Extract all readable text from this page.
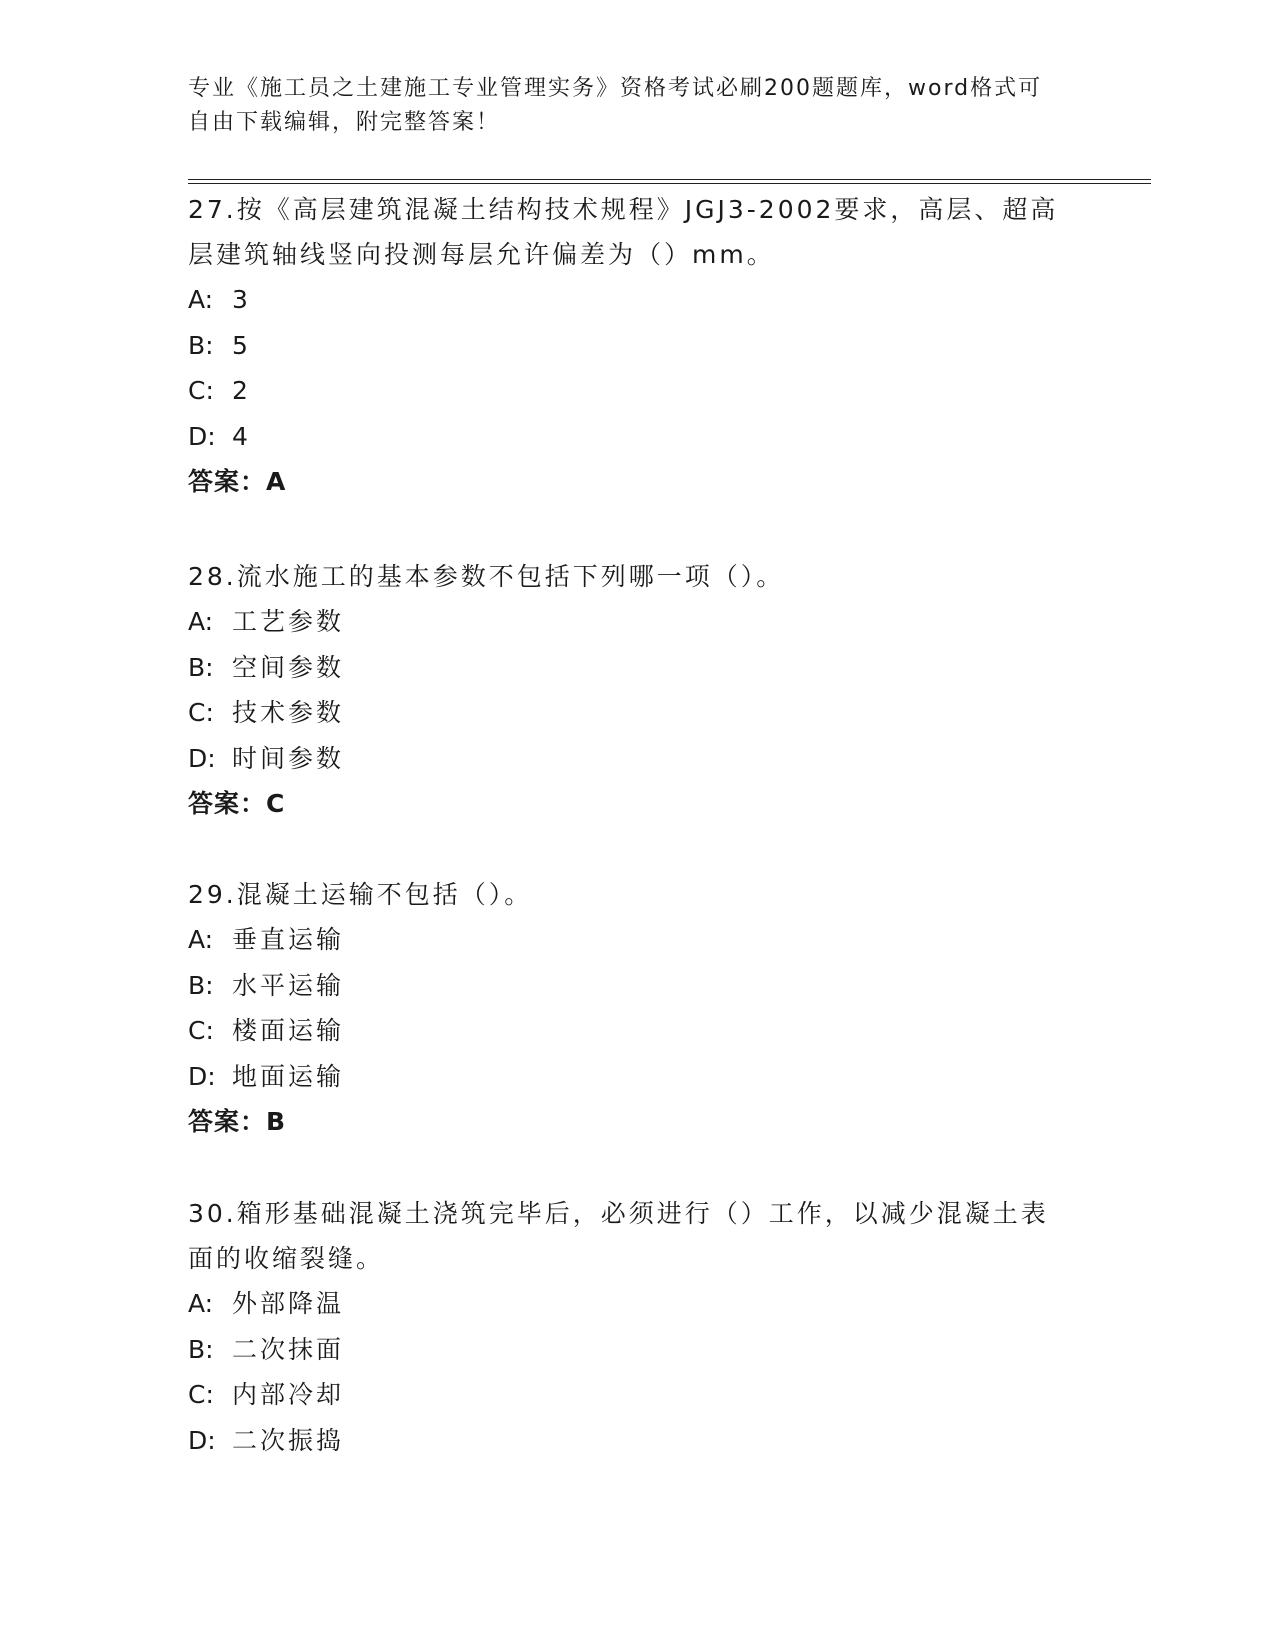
专业《施工员之土建施工专业管理实务》资格考试必刷200题题库，word格式可
自由下载编辑，附完整答案！
27.按《高层建筑混凝土结构技术规程》JGJ3-2002要求，高层、超高
层建筑轴线竖向投测每层允许偏差为（）mm。
A: 3
B: 5
C: 2
D: 4
答案：A
28.流水施工的基本参数不包括下列哪一项（）。
A: 工艺参数
B: 空间参数
C: 技术参数
D: 时间参数
答案：C
29.混凝土运输不包括（）。
A: 垂直运输
B: 水平运输
C: 楼面运输
D: 地面运输
答案：B
30.箱形基础混凝土浇筑完毕后，必须进行（）工作，以减少混凝土表
面的收缩裂缝。
A: 外部降温
B: 二次抹面
C: 内部冷却
D: 二次振捣
